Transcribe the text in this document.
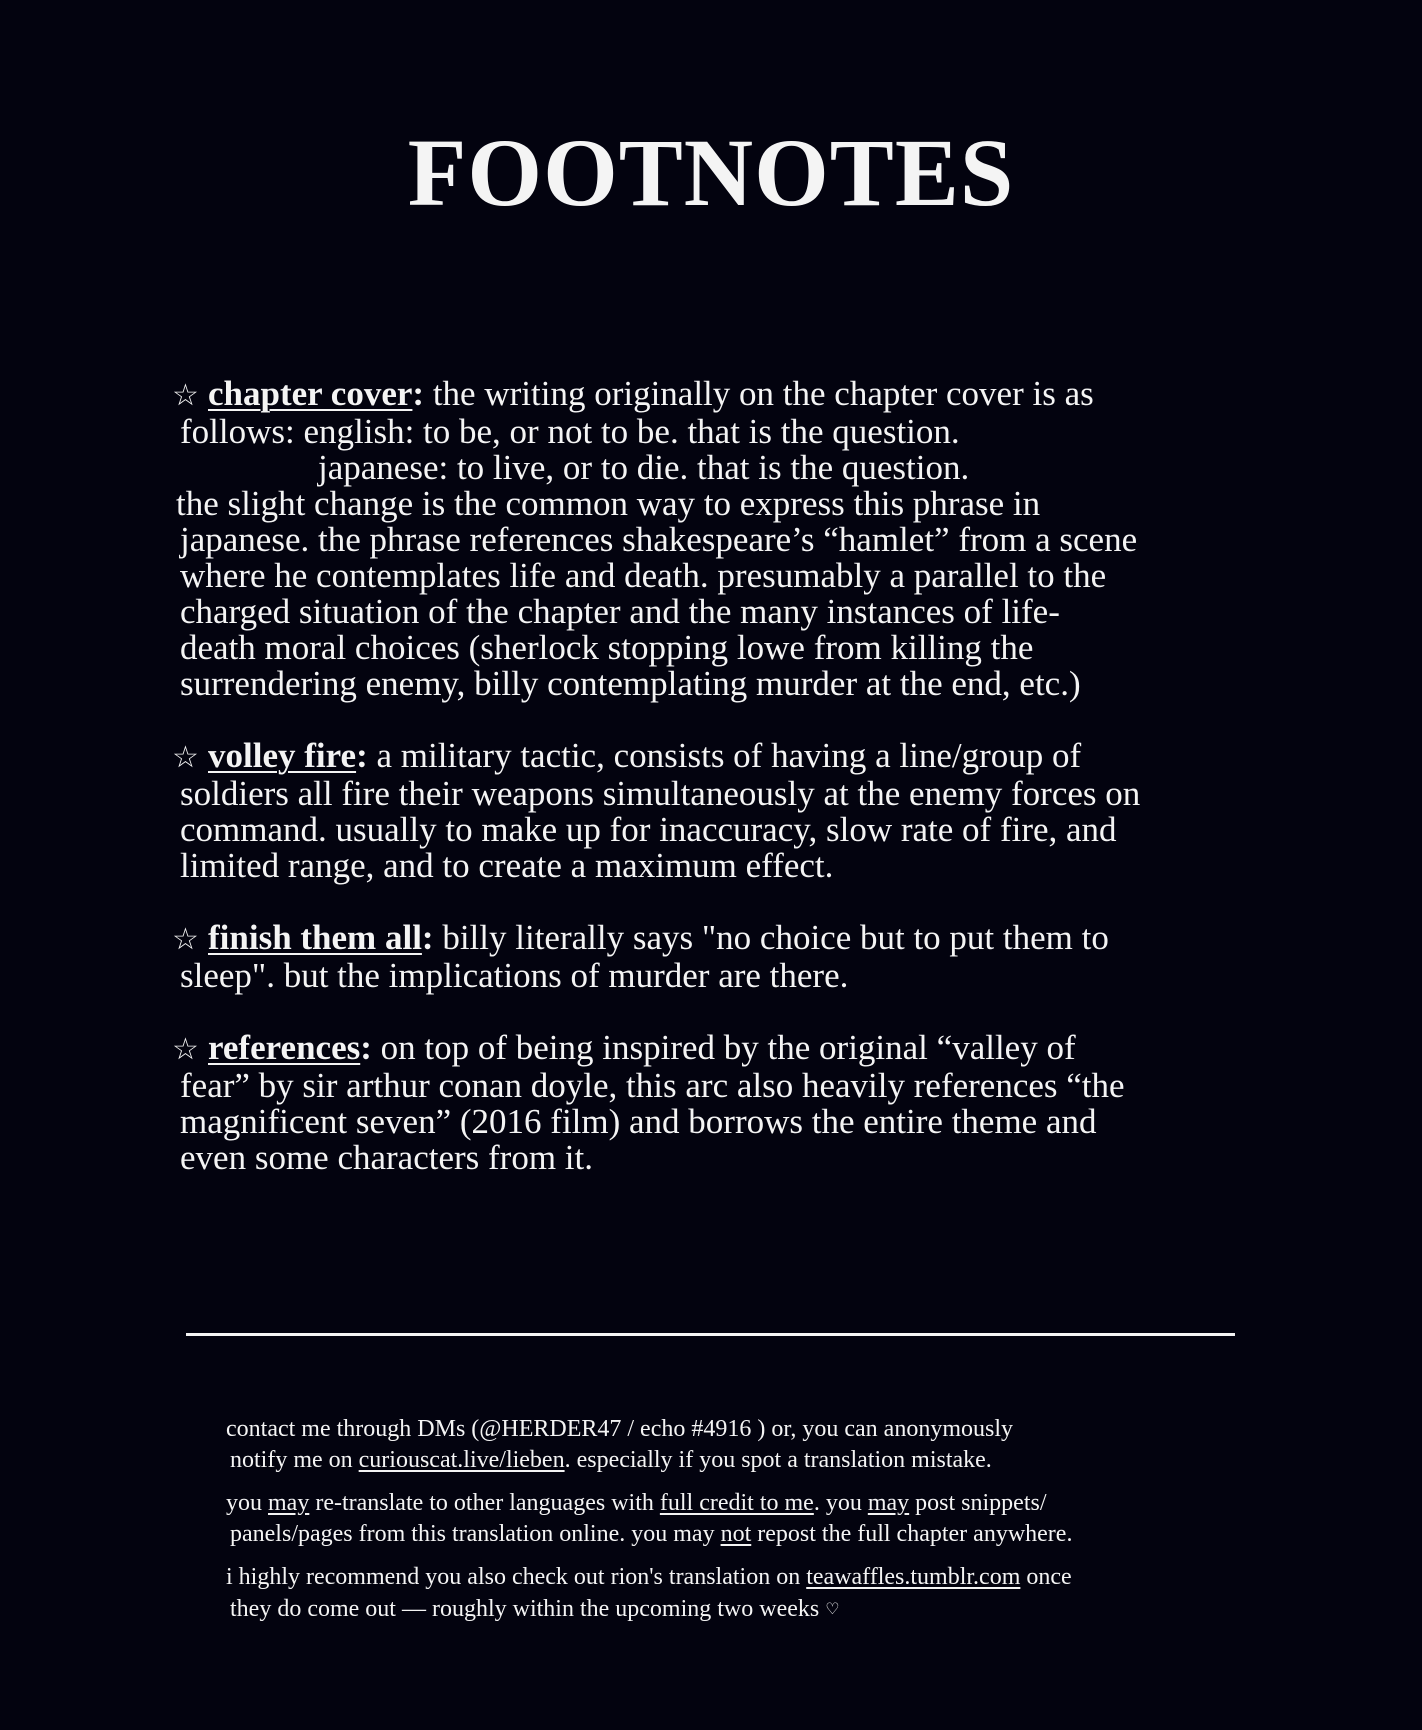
FOOTNOTES
☆ chapter cover: the writing originally on the chapter cover is as
follows: english: to be, or not to be. that is the question.
japanese: to live, or to die. that is the question.
the slight change is the common way to express this phrase in
japanese. the phrase references shakespeare’s “hamlet” from a scene
where he contemplates life and death. presumably a parallel to the
charged situation of the chapter and the many instances of life-
death moral choices (sherlock stopping lowe from killing the
surrendering enemy, billy contemplating murder at the end, etc.)
☆ volley fire: a military tactic, consists of having a line/group of
soldiers all fire their weapons simultaneously at the enemy forces on
command. usually to make up for inaccuracy, slow rate of fire, and
limited range, and to create a maximum effect.
☆ finish them all: billy literally says "no choice but to put them to
sleep". but the implications of murder are there.
☆ references: on top of being inspired by the original “valley of
fear” by sir arthur conan doyle, this arc also heavily references “the
magnificent seven” (2016 film) and borrows the entire theme and
even some characters from it.

contact me through DMs (@HERDER47 / echo #4916 ) or, you can anonymously
notify me on curiouscat.live/lieben. especially if you spot a translation mistake.

you may re-translate to other languages with full credit to me. you may post snippets/
panels/pages from this translation online. you may not repost the full chapter anywhere.

i highly recommend you also check out rion's translation on teawaffles.tumblr.com once
they do come out — roughly within the upcoming two weeks ♡
